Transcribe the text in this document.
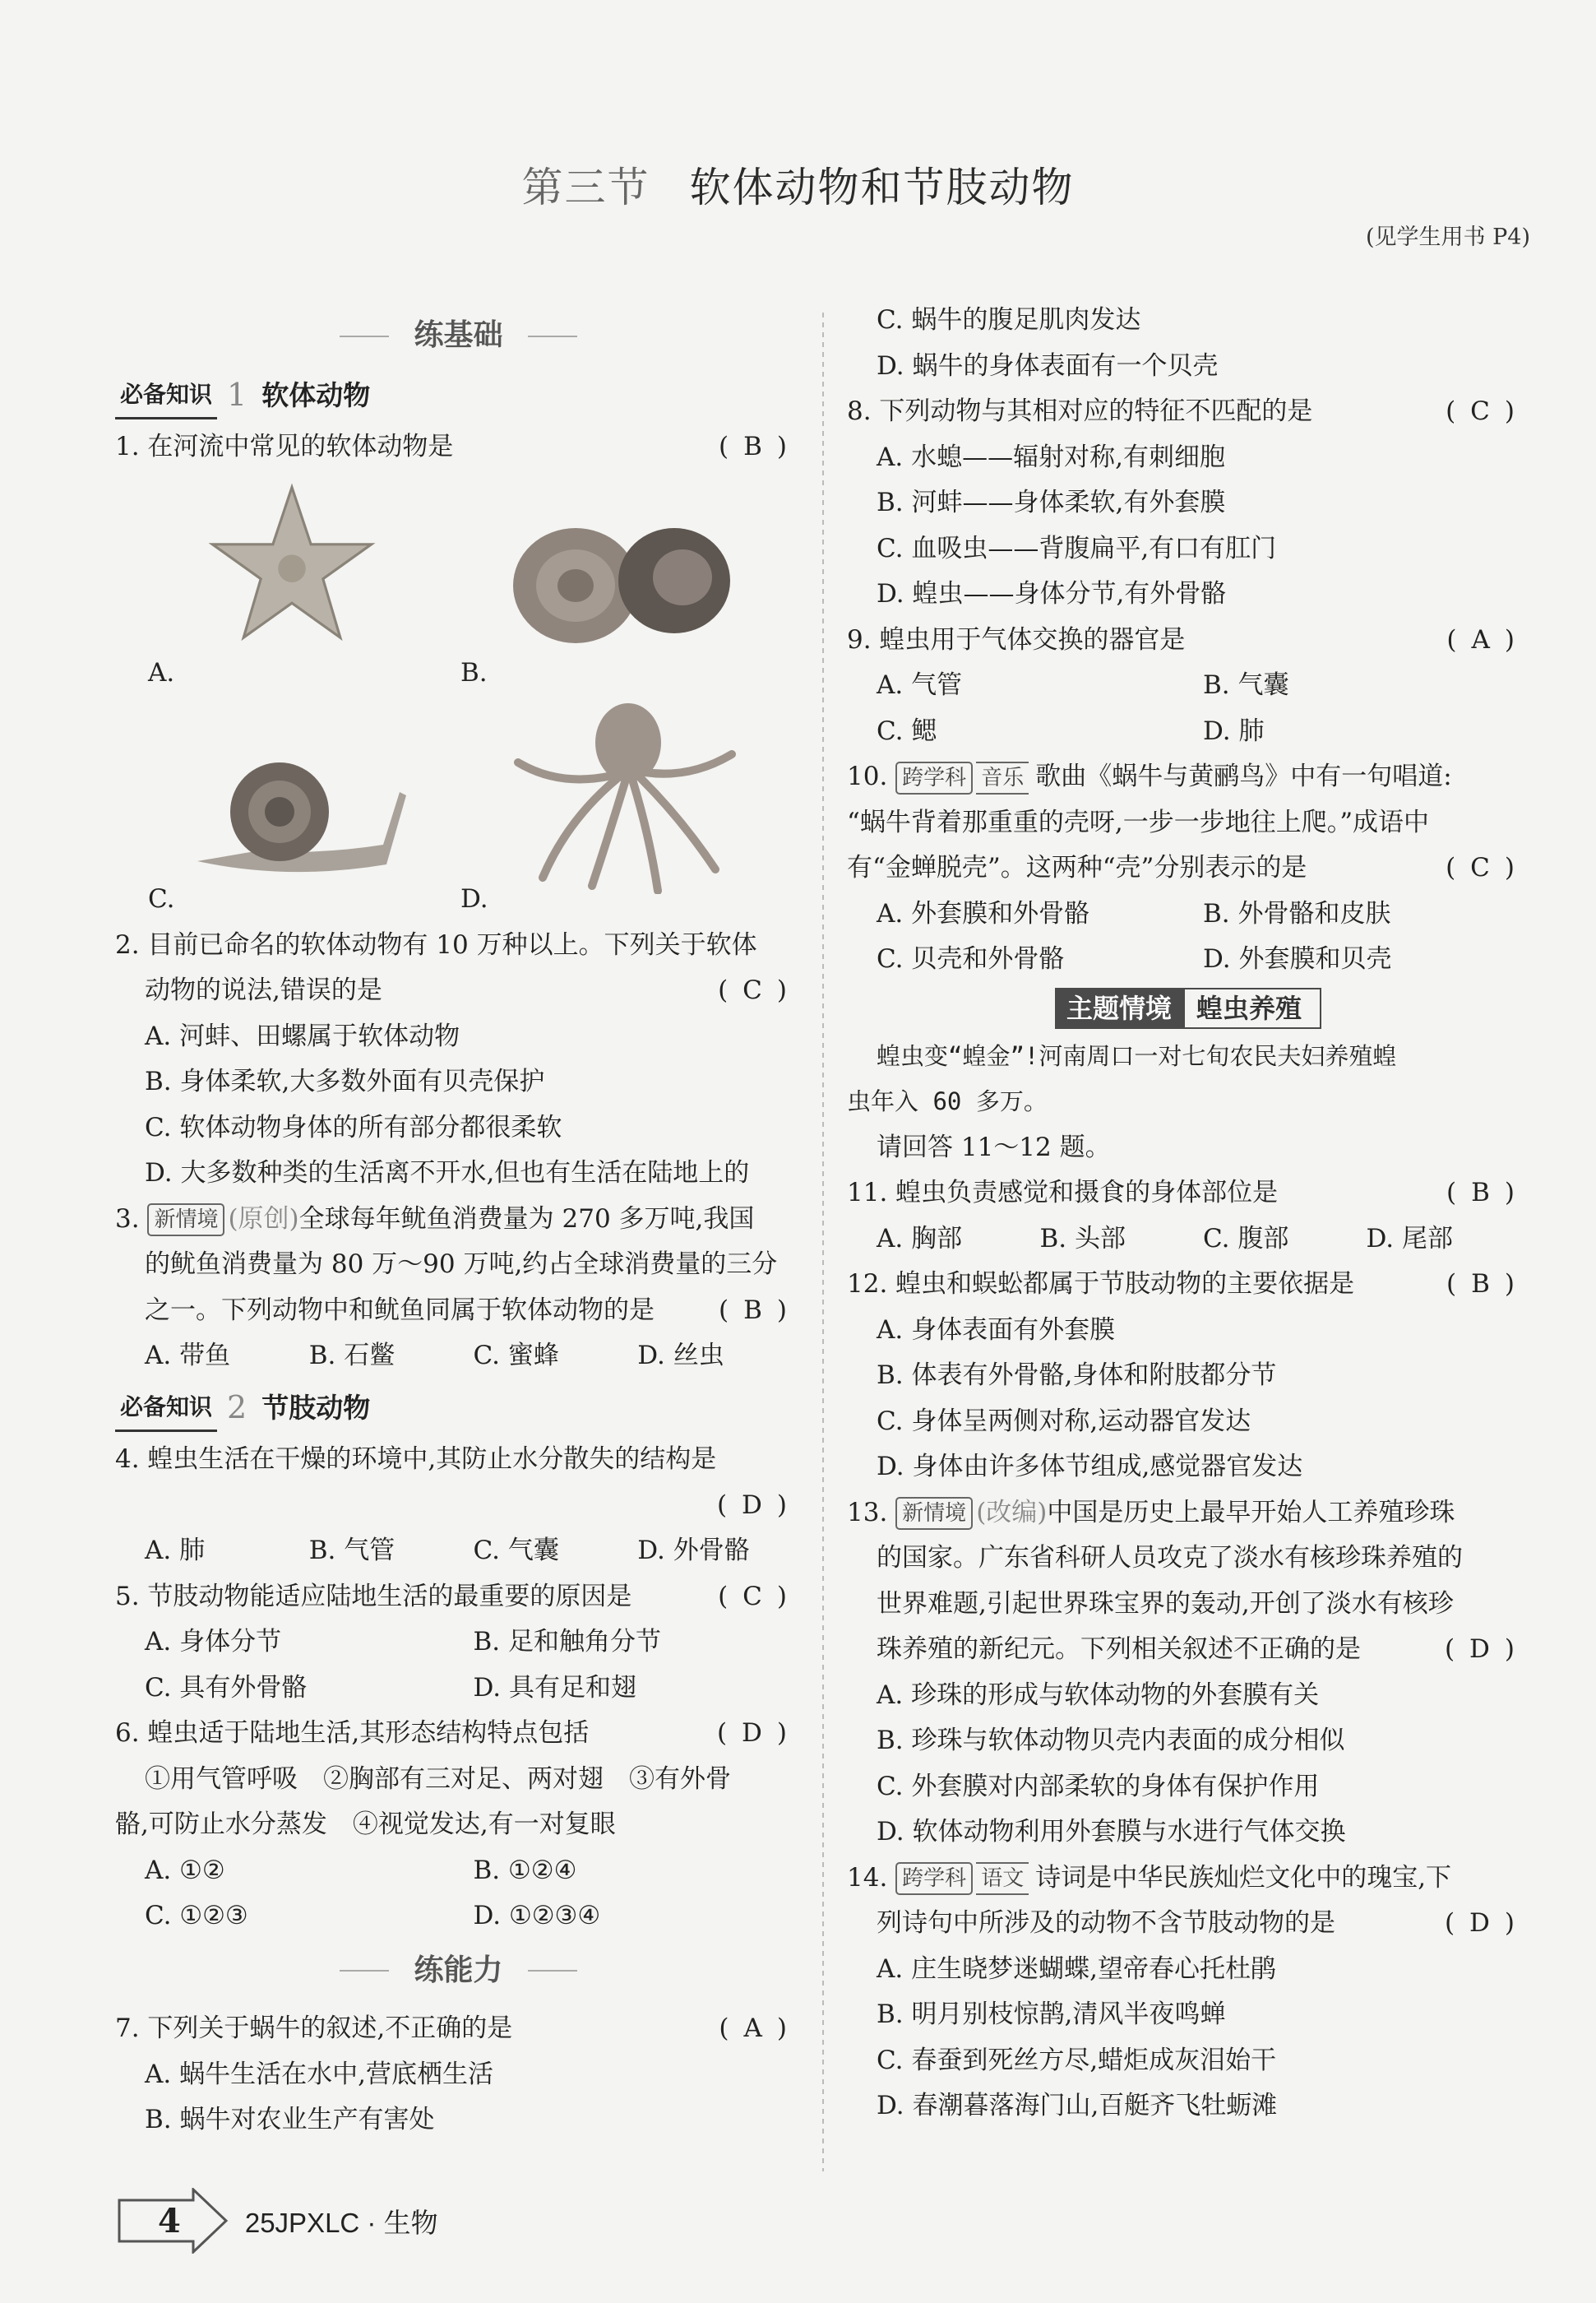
第三节 软体动物和节肢动物
(见学生用书 P4)
练基础
必备知识 1 软体动物
1. 在河流中常见的软体动物是	(B)
A.	B.
C.	D.
2. 目前已命名的软体动物有 10 万种以上。下列关于软体
动物的说法,错误的是	(C)
A. 河蚌、田螺属于软体动物
B. 身体柔软,大多数外面有贝壳保护
C. 软体动物身体的所有部分都很柔软
D. 大多数种类的生活离不开水,但也有生活在陆地上的
3. 新情境 (原创)全球每年鱿鱼消费量为 270 多万吨,我国
的鱿鱼消费量为 80 万～90 万吨,约占全球消费量的三分
之一。下列动物中和鱿鱼同属于软体动物的是	(B)
A. 带鱼	B. 石鳖	C. 蜜蜂	D. 丝虫
必备知识 2 节肢动物
4. 蝗虫生活在干燥的环境中,其防止水分散失的结构是
(D)

A. 肺	B. 气管	C. 气囊	D. 外骨骼
5. 节肢动物能适应陆地生活的最重要的原因是	(C)
A. 身体分节	B. 足和触角分节
C. 具有外骨骼	D. 具有足和翅
6. 蝗虫适于陆地生活,其形态结构特点包括	(D)
①用气管呼吸　②胸部有三对足、两对翅　③有外骨
骼,可防止水分蒸发　④视觉发达,有一对复眼
A. ①②	B. ①②④
C. ①②③	D. ①②③④
练能力
7. 下列关于蜗牛的叙述,不正确的是	(A)
A. 蜗牛生活在水中,营底栖生活
B. 蜗牛对农业生产有害处
C. 蜗牛的腹足肌肉发达
D. 蜗牛的身体表面有一个贝壳
8. 下列动物与其相对应的特征不匹配的是	(C)
A. 水螅——辐射对称,有刺细胞
B. 河蚌——身体柔软,有外套膜
C. 血吸虫——背腹扁平,有口有肛门
D. 蝗虫——身体分节,有外骨骼
9. 蝗虫用于气体交换的器官是	(A)
A. 气管	B. 气囊
C. 鳃	D. 肺
10. 跨学科 音乐 歌曲《蜗牛与黄鹂鸟》中有一句唱道:
“蜗牛背着那重重的壳呀,一步一步地往上爬。”成语中
有“金蝉脱壳”。这两种“壳”分别表示的是	(C)
A. 外套膜和外骨骼	B. 外骨骼和皮肤
C. 贝壳和外骨骼	D. 外套膜和贝壳
主题情境 蝗虫养殖
蝗虫变“蝗金”!河南周口一对七旬农民夫妇养殖蝗
虫年入 60 多万。
请回答 11～12 题。
11. 蝗虫负责感觉和摄食的身体部位是	(B)
A. 胸部	B. 头部	C. 腹部	D. 尾部
12. 蝗虫和蜈蚣都属于节肢动物的主要依据是	(B)
A. 身体表面有外套膜
B. 体表有外骨骼,身体和附肢都分节
C. 身体呈两侧对称,运动器官发达
D. 身体由许多体节组成,感觉器官发达
13. 新情境 (改编)中国是历史上最早开始人工养殖珍珠
的国家。广东省科研人员攻克了淡水有核珍珠养殖的
世界难题,引起世界珠宝界的轰动,开创了淡水有核珍
珠养殖的新纪元。下列相关叙述不正确的是	(D)
A. 珍珠的形成与软体动物的外套膜有关
B. 珍珠与软体动物贝壳内表面的成分相似
C. 外套膜对内部柔软的身体有保护作用
D. 软体动物利用外套膜与水进行气体交换
14. 跨学科 语文 诗词是中华民族灿烂文化中的瑰宝,下
列诗句中所涉及的动物不含节肢动物的是	(D)
A. 庄生晓梦迷蝴蝶,望帝春心托杜鹃
B. 明月别枝惊鹊,清风半夜鸣蝉
C. 春蚕到死丝方尽,蜡炬成灰泪始干
D. 春潮暮落海门山,百艇齐飞牡蛎滩
4 25JPXLC · 生物
